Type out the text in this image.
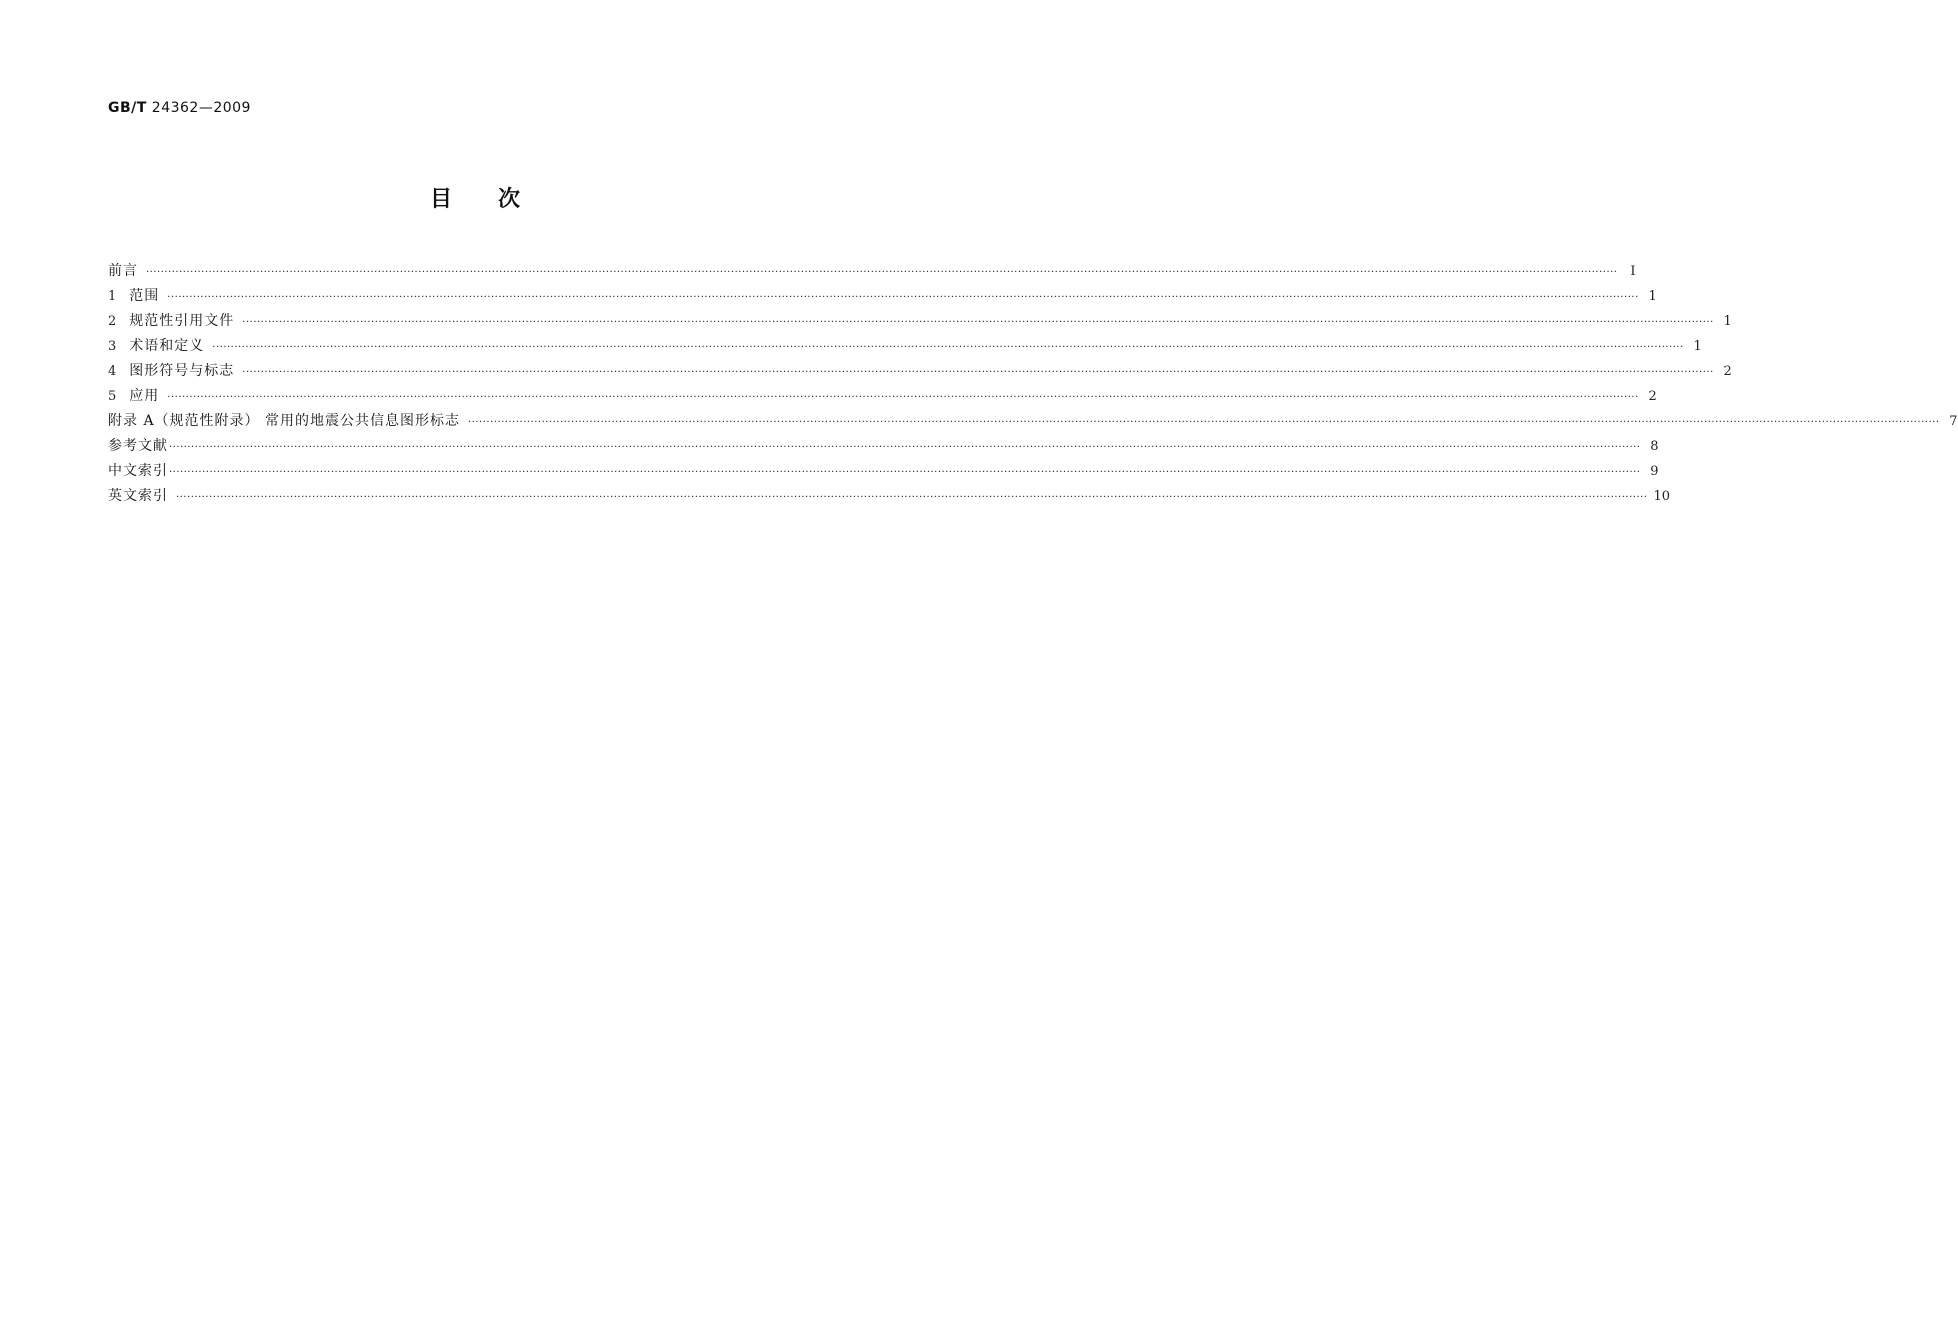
GB/T 24362—2009
目次
前言 ················································································································································································································································································································································································································ Ⅰ
1 范围 ················································································································································································································································································································································································································ 1
2 规范性引用文件 ················································································································································································································································································································································································································ 1
3 术语和定义 ················································································································································································································································································································································································································ 1
4 图形符号与标志 ················································································································································································································································································································································································································ 2
5 应用 ················································································································································································································································································································································································································ 2
附录 A（规范性附录） 常用的地震公共信息图形标志 ················································································································································································································································································································································································································ 7
参考文献 ················································································································································································································································································································································································································ 8
中文索引 ················································································································································································································································································································································································································ 9
英文索引 ················································································································································································································································································································································································································ 10
